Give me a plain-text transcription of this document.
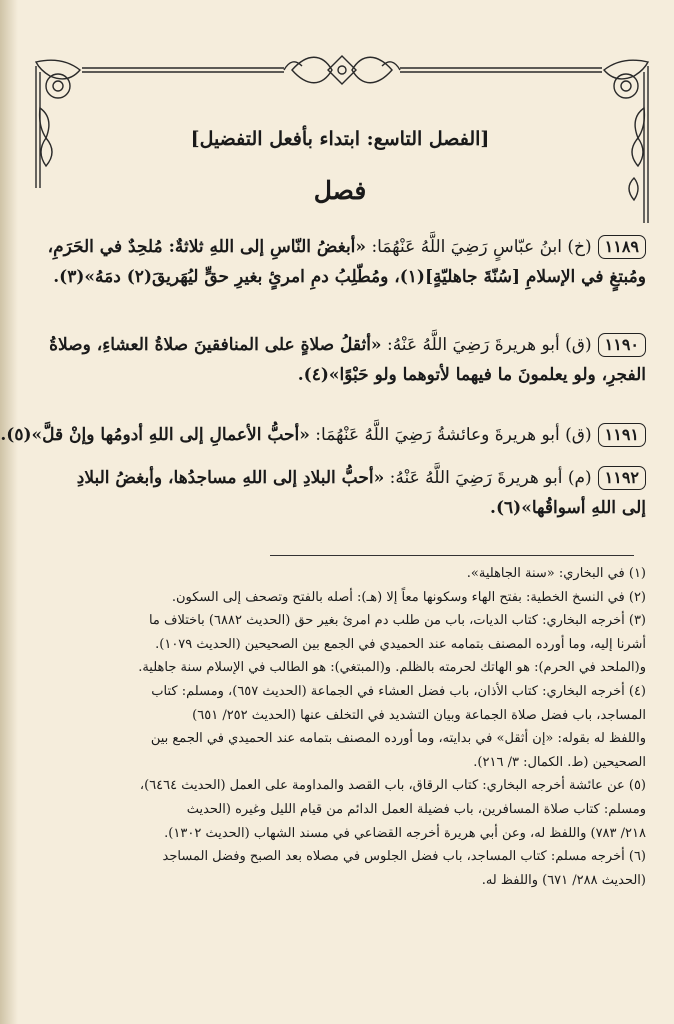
[الفصل التاسع: ابتداء بأفعل التفضيل]
فصل
١١٨٩(خ) ابنُ عبّاسٍ رَضِيَ اللَّهُ عَنْهُمَا: «أبغضُ النّاسِ إلى اللهِ ثلاثةٌ: مُلحِدٌ في الحَرَمِ،
ومُبتغٍ في الإسلامِ [سُنّةَ جاهليّةٍ](١)، ومُطّلِبُ دمِ امرئٍ بغيرِ حقٍّ ليُهَريقَ(٢) دمَهُ»(٣).
١١٩٠(ق) أبو هريرةَ رَضِيَ اللَّهُ عَنْهُ: «أثقلُ صلاةٍ على المنافقينَ صلاةُ العشاءِ، وصلاةُ
الفجرِ، ولو يعلمونَ ما فيهما لأتوهما ولو حَبْوًا»(٤).
١١٩١(ق) أبو هريرةَ وعائشةُ رَضِيَ اللَّهُ عَنْهُمَا: «أحبُّ الأعمالِ إلى اللهِ أدومُها وإنْ قلَّ»(٥).
١١٩٢(م) أبو هريرةَ رَضِيَ اللَّهُ عَنْهُ: «أحبُّ البلادِ إلى اللهِ مساجدُها، وأبغضُ البلادِ
إلى اللهِ أسواقُها»(٦).
(١) في البخاري: «سنة الجاهلية».
(٢) في النسخ الخطية: بفتح الهاء وسكونها معاً إلا (هـ): أصله بالفتح وتصحف إلى السكون.
(٣) أخرجه البخاري: كتاب الديات، باب من طلب دم امرئ بغير حق (الحديث ٦٨٨٢) باختلاف ما
أشرنا إليه، وما أورده المصنف بتمامه عند الحميدي في الجمع بين الصحيحين (الحديث ١٠٧٩).
و(الملحد في الحرم): هو الهاتك لحرمته بالظلم. و(المبتغي): هو الطالب في الإسلام سنة جاهلية.
(٤) أخرجه البخاري: كتاب الأذان، باب فضل العشاء في الجماعة (الحديث ٦٥٧)، ومسلم: كتاب
المساجد، باب فضل صلاة الجماعة وبيان التشديد في التخلف عنها (الحديث ٢٥٢/ ٦٥١)
واللفظ له بقوله: «إن أثقل» في بدايته، وما أورده المصنف بتمامه عند الحميدي في الجمع بين
الصحيحين (ط. الكمال: ٣/ ٢١٦).
(٥) عن عائشة أخرجه البخاري: كتاب الرقاق، باب القصد والمداومة على العمل (الحديث ٦٤٦٤)،
ومسلم: كتاب صلاة المسافرين، باب فضيلة العمل الدائم من قيام الليل وغيره (الحديث
٢١٨/ ٧٨٣) واللفظ له، وعن أبي هريرة أخرجه القضاعي في مسند الشهاب (الحديث ١٣٠٢).
(٦) أخرجه مسلم: كتاب المساجد، باب فضل الجلوس في مصلاه بعد الصبح وفضل المساجد
(الحديث ٢٨٨/ ٦٧١) واللفظ له.
